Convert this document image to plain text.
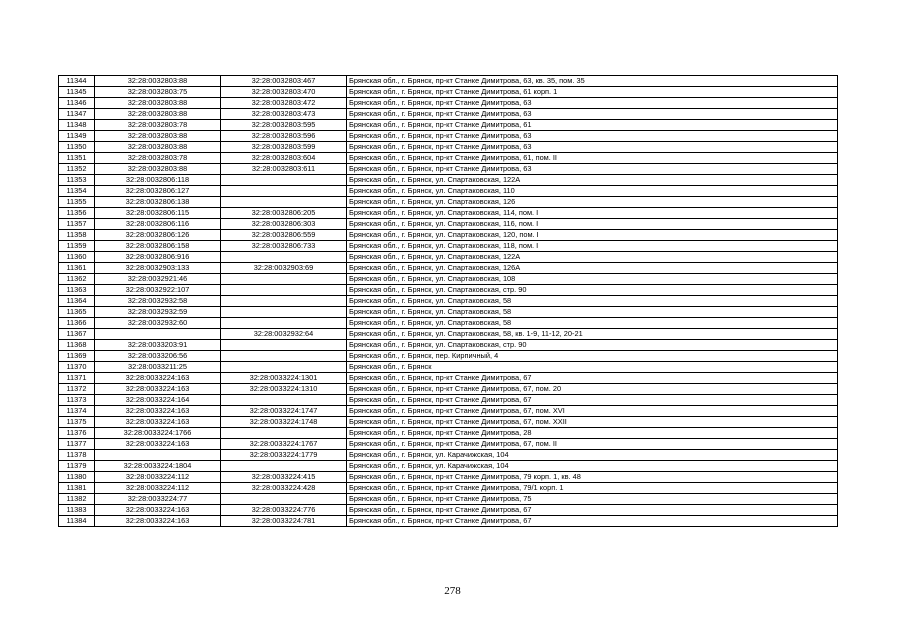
11344	32:28:0032803:88	32:28:0032803:467	Брянская обл., г. Брянск, пр-кт Станке Димитрова, 63, кв. 35, пом. 35
11345	32:28:0032803:75	32:28:0032803:470	Брянская обл., г. Брянск, пр-кт Станке Димитрова, 61 корп. 1
11346	32:28:0032803:88	32:28:0032803:472	Брянская обл., г. Брянск, пр-кт Станке Димитрова, 63
11347	32:28:0032803:88	32:28:0032803:473	Брянская обл., г. Брянск, пр-кт Станке Димитрова, 63
11348	32:28:0032803:78	32:28:0032803:595	Брянская обл., г. Брянск, пр-кт Станке Димитрова, 61
11349	32:28:0032803:88	32:28:0032803:596	Брянская обл., г. Брянск, пр-кт Станке Димитрова, 63
11350	32:28:0032803:88	32:28:0032803:599	Брянская обл., г. Брянск, пр-кт Станке Димитрова, 63
11351	32:28:0032803:78	32:28:0032803:604	Брянская обл., г. Брянск, пр-кт Станке Димитрова, 61, пом. II
11352	32:28:0032803:88	32:28:0032803:611	Брянская обл., г. Брянск, пр-кт Станке Димитрова, 63
11353	32:28:0032806:118		Брянская обл., г. Брянск, ул. Спартаковская, 122А
11354	32:28:0032806:127		Брянская обл., г. Брянск, ул. Спартаковская, 110
11355	32:28:0032806:138		Брянская обл., г. Брянск, ул. Спартаковская, 126
11356	32:28:0032806:115	32:28:0032806:205	Брянская обл., г. Брянск, ул. Спартаковская, 114, пом. I
11357	32:28:0032806:116	32:28:0032806:303	Брянская обл., г. Брянск, ул. Спартаковская, 116, пом. I
11358	32:28:0032806:126	32:28:0032806:559	Брянская обл., г. Брянск, ул. Спартаковская, 120, пом. I
11359	32:28:0032806:158	32:28:0032806:733	Брянская обл., г. Брянск, ул. Спартаковская, 118, пом. I
11360	32:28:0032806:916		Брянская обл., г. Брянск, ул. Спартаковская, 122А
11361	32:28:0032903:133	32:28:0032903:69	Брянская обл., г. Брянск, ул. Спартаковская, 126А
11362	32:28:0032921:46		Брянская обл., г. Брянск, ул. Спартаковская, 108
11363	32:28:0032922:107		Брянская обл., г. Брянск, ул. Спартаковская, стр. 90
11364	32:28:0032932:58		Брянская обл., г. Брянск, ул. Спартаковская, 58
11365	32:28:0032932:59		Брянская обл., г. Брянск, ул. Спартаковская, 58
11366	32:28:0032932:60		Брянская обл., г. Брянск, ул. Спартаковская, 58
11367		32:28:0032932:64	Брянская обл., г. Брянск, ул. Спартаковская, 58, кв. 1-9, 11-12, 20-21
11368	32:28:0033203:91		Брянская обл., г. Брянск, ул. Спартаковская, стр. 90
11369	32:28:0033206:56		Брянская обл., г. Брянск, пер. Кирпичный, 4
11370	32:28:0033211:25		Брянская обл., г. Брянск
11371	32:28:0033224:163	32:28:0033224:1301	Брянская обл., г. Брянск, пр-кт Станке Димитрова, 67
11372	32:28:0033224:163	32:28:0033224:1310	Брянская обл., г. Брянск, пр-кт Станке Димитрова, 67, пом. 20
11373	32:28:0033224:164		Брянская обл., г. Брянск, пр-кт Станке Димитрова, 67
11374	32:28:0033224:163	32:28:0033224:1747	Брянская обл., г. Брянск, пр-кт Станке Димитрова, 67, пом. XVI
11375	32:28:0033224:163	32:28:0033224:1748	Брянская обл., г. Брянск, пр-кт Станке Димитрова, 67, пом. XXII
11376	32:28:0033224:1766		Брянская обл., г. Брянск, пр-кт Станке Димитрова, 28
11377	32:28:0033224:163	32:28:0033224:1767	Брянская обл., г. Брянск, пр-кт Станке Димитрова, 67, пом. II
11378		32:28:0033224:1779	Брянская обл., г. Брянск, ул. Карачижская, 104
11379	32:28:0033224:1804		Брянская обл., г. Брянск, ул. Карачижская, 104
11380	32:28:0033224:112	32:28:0033224:415	Брянская обл., г. Брянск, пр-кт Станке Димитрова, 79 корп. 1, кв. 48
11381	32:28:0033224:112	32:28:0033224:428	Брянская обл., г. Брянск, пр-кт Станке Димитрова, 79/1 корп. 1
11382	32:28:0033224:77		Брянская обл., г. Брянск, пр-кт Станке Димитрова, 75
11383	32:28:0033224:163	32:28:0033224:776	Брянская обл., г. Брянск, пр-кт Станке Димитрова, 67
11384	32:28:0033224:163	32:28:0033224:781	Брянская обл., г. Брянск, пр-кт Станке Димитрова, 67
278
